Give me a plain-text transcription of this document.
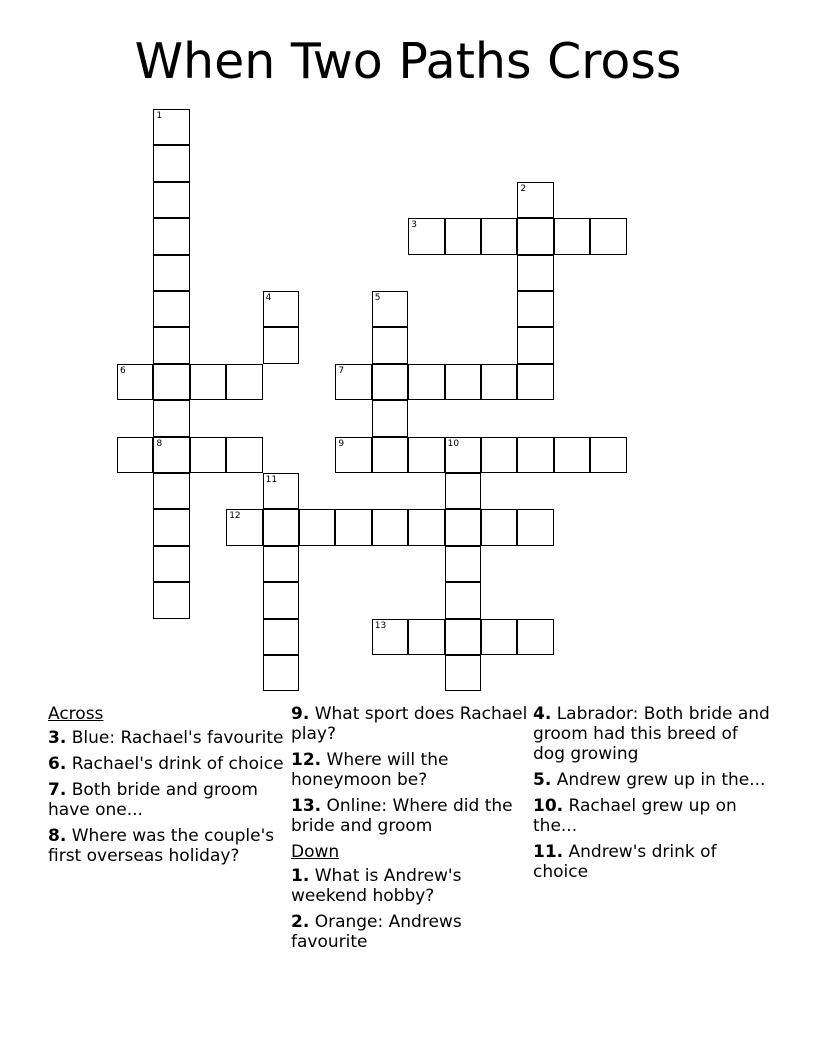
When Two Paths Cross
1
8
2
3
4	5
6	7
9	10
11
12
13
Across
3. Blue: Rachael's favourite
6. Rachael's drink of choice
7. Both bride and groom have one...
8. Where was the couple's first overseas holiday?
9. What sport does Rachael play?
12. Where will the honeymoon be?
13. Online: Where did the bride and groom
Down
1. What is Andrew's weekend hobby?
2. Orange: Andrews favourite
4. Labrador: Both bride and groom had this breed of dog growing
5. Andrew grew up in the...
10. Rachael grew up on the...
11. Andrew's drink of choice
